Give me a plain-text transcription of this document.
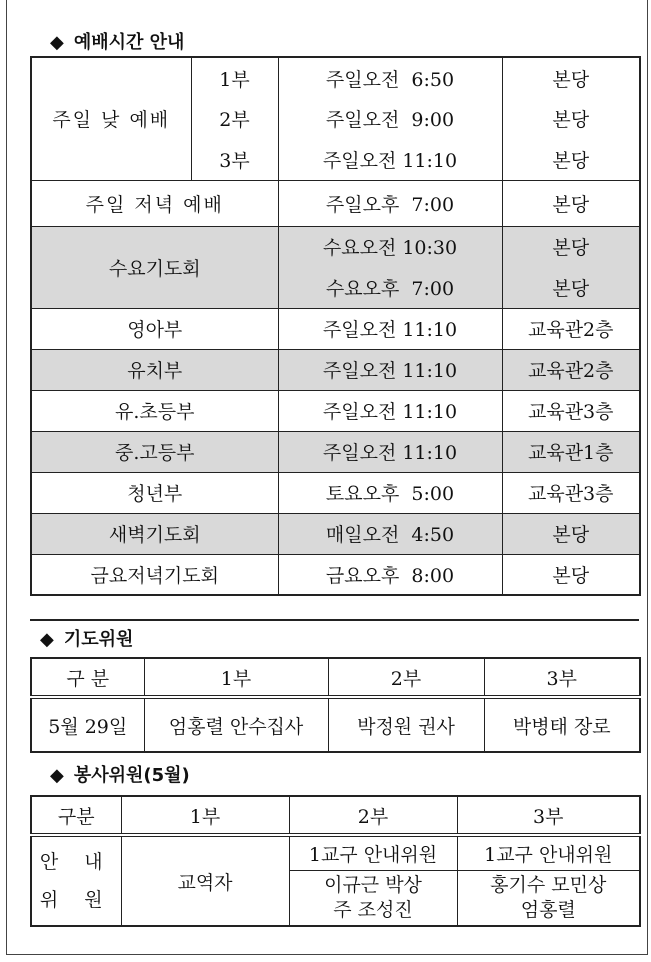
◆ 예배시간 안내
주일 낮 예배	1부	주일오전  6:50	본당
	2부	주일오전  9:00	본당
	3부	주일오전 11:10	본당
주일 저녁 예배		주일오후  7:00	본당
수요기도회		수요오전 10:30	본당
		수요오후  7:00	본당
영아부		주일오전 11:10	교육관2층
유치부		주일오전 11:10	교육관2층
유.초등부		주일오전 11:10	교육관3층
중.고등부		주일오전 11:10	교육관1층
청년부		토요오후  5:00	교육관3층
새벽기도회		매일오전  4:50	본당
금요저녁기도회		금요오후  8:00	본당
◆ 기도위원
구 분	1부	2부	3부
5월 29일	엄홍렬 안수집사	박정원 권사	박병태 장로
◆ 봉사위원(5월)
구분	1부	2부	3부

안 내
위 원	교역자	1교구 안내위원	1교구 안내위원
		이규근 박상주 조성진	홍기수 모민상 엄홍렬
